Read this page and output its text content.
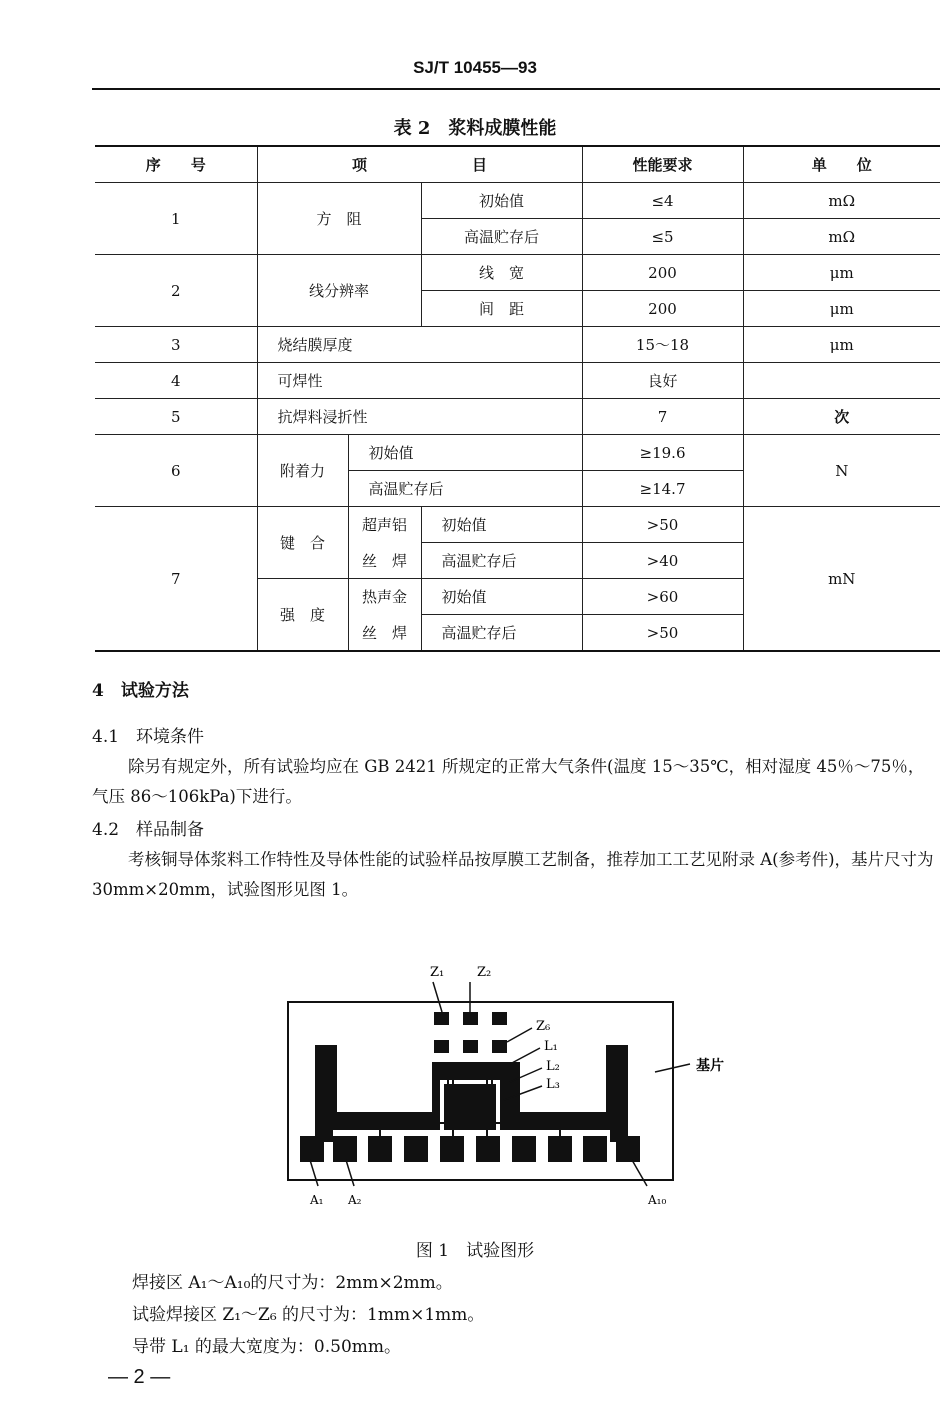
SJ/T 10455—93
表 2　浆料成膜性能
序　　号	项　　　　　　　目			性能要求	单　　位
1	方　阻		初始值	≤4	mΩ
			高温贮存后	≤5	mΩ
2	线分辨率		线　宽	200	μm
			间　距	200	μm
3	烧结膜厚度			15～18	μm
4	可焊性			良好	
5	抗焊料浸折性			7	次
6	附着力	初始值		≥19.6	N
		高温贮存后		≥14.7	
7	键　合	超声铝	初始值	>50	mN
		丝　焊	高温贮存后	>40	
	强　度	热声金	初始值	>60	
		丝　焊	高温贮存后	>50	
4　试验方法
4.1　环境条件
除另有规定外，所有试验均应在 GB 2421 所规定的正常大气条件(温度 15～35℃，相对湿度 45％～75％，气压 86～106kPa)下进行。
4.2　样品制备
考核铜导体浆料工作特性及导体性能的试验样品按厚膜工艺制备，推荐加工工艺见附录 A(参考件)，基片尺寸为 30mm×20mm，试验图形见图 1。
Z₁	Z₂
Z₆
L₁
L₂
L₃
基片
A₁ A₂	A₁₀
图 1　试验图形
焊接区 A₁～A₁₀的尺寸为：2mm×2mm。
试验焊接区 Z₁～Z₆ 的尺寸为：1mm×1mm。
导带 L₁ 的最大宽度为：0.50mm。
— 2 —
